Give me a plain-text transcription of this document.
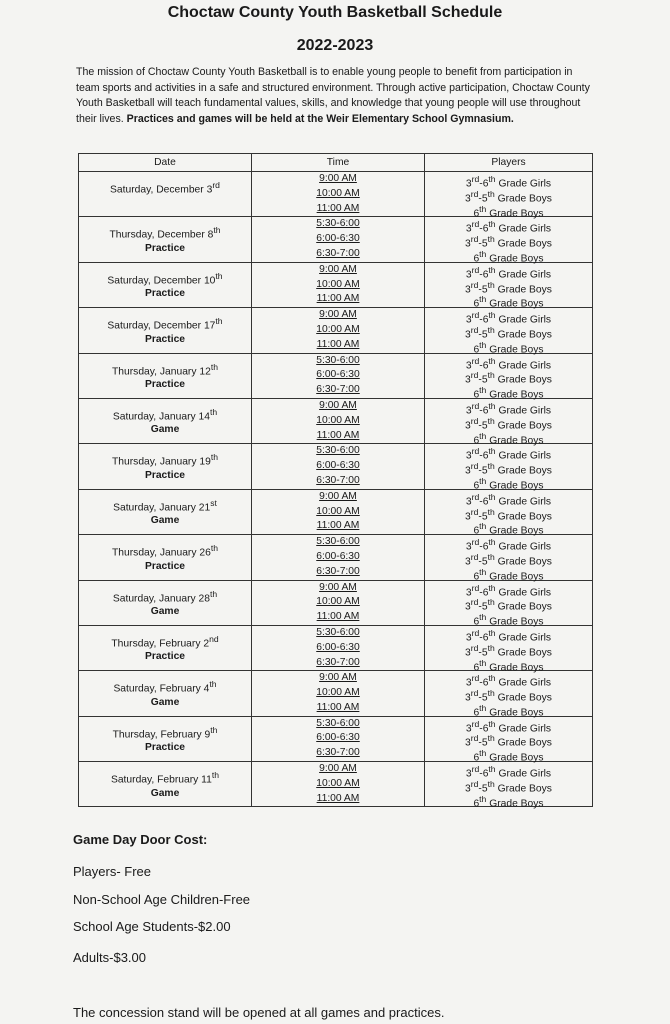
Choctaw County Youth Basketball Schedule
2022-2023
The mission of Choctaw County Youth Basketball is to enable young people to benefit from participation in team sports and activities in a safe and structured environment. Through active participation, Choctaw County Youth Basketball will teach fundamental values, skills, and knowledge that young people will use throughout their lives. Practices and games will be held at the Weir Elementary School Gymnasium.
Date	Time	Players

Saturday, December 3rd	9:00 AM
10:00 AM
11:00 AM	3rd-6th Grade Girls
3rd-5th Grade Boys
6th Grade Boys

Thursday, December 8th
Practice	5:30-6:00
6:00-6:30
6:30-7:00	3rd-6th Grade Girls
3rd-5th Grade Boys
6th Grade Boys

Saturday, December 10th
Practice	9:00 AM
10:00 AM
11:00 AM	3rd-6th Grade Girls
3rd-5th Grade Boys
6th Grade Boys

Saturday, December 17th
Practice	9:00 AM
10:00 AM
11:00 AM	3rd-6th Grade Girls
3rd-5th Grade Boys
6th Grade Boys

Thursday, January 12th
Practice	5:30-6:00
6:00-6:30
6:30-7:00	3rd-6th Grade Girls
3rd-5th Grade Boys
6th Grade Boys

Saturday, January 14th
Game	9:00 AM
10:00 AM
11:00 AM	3rd-6th Grade Girls
3rd-5th Grade Boys
6th Grade Boys

Thursday, January 19th
Practice	5:30-6:00
6:00-6:30
6:30-7:00	3rd-6th Grade Girls
3rd-5th Grade Boys
6th Grade Boys

Saturday, January 21st
Game	9:00 AM
10:00 AM
11:00 AM	3rd-6th Grade Girls
3rd-5th Grade Boys
6th Grade Boys

Thursday, January 26th
Practice	5:30-6:00
6:00-6:30
6:30-7:00	3rd-6th Grade Girls
3rd-5th Grade Boys
6th Grade Boys

Saturday, January 28th
Game	9:00 AM
10:00 AM
11:00 AM	3rd-6th Grade Girls
3rd-5th Grade Boys
6th Grade Boys

Thursday, February 2nd
Practice	5:30-6:00
6:00-6:30
6:30-7:00	3rd-6th Grade Girls
3rd-5th Grade Boys
6th Grade Boys

Saturday, February 4th
Game	9:00 AM
10:00 AM
11:00 AM	3rd-6th Grade Girls
3rd-5th Grade Boys
6th Grade Boys

Thursday, February 9th
Practice	5:30-6:00
6:00-6:30
6:30-7:00	3rd-6th Grade Girls
3rd-5th Grade Boys
6th Grade Boys

Saturday, February 11th
Game	9:00 AM
10:00 AM
11:00 AM	3rd-6th Grade Girls
3rd-5th Grade Boys
6th Grade Boys
Game Day Door Cost:
Players- Free
Non-School Age Children-Free
School Age Students-$2.00
Adults-$3.00
The concession stand will be opened at all games and practices.
